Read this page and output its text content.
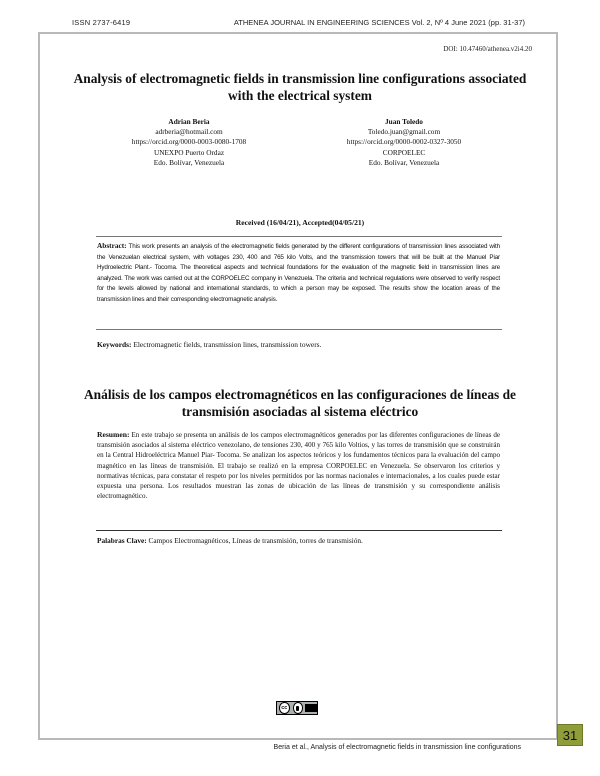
ISSN 2737-6419	ATHENEA JOURNAL IN ENGINEERING SCIENCES Vol. 2, Nº 4 June 2021 (pp. 31-37)
DOI: 10.47460/athenea.v2i4.20
Analysis of electromagnetic fields in transmission line configurations associated with the electrical system
Adrian Beria
adrberia@hotmail.com
https://orcid.org/0000-0003-0080-1708
UNEXPO Puerto Ordaz
Edo. Bolívar, Venezuela
Juan Toledo
Toledo.juan@gmail.com
https://orcid.org/0000-0002-0327-3050
CORPOELEC
Edo. Bolívar, Venezuela
Received (16/04/21), Accepted(04/05/21)
Abstract: This work presents an analysis of the electromagnetic fields generated by the different configurations of transmission lines associated with the Venezuelan electrical system, with voltages 230, 400 and 765 kilo Volts, and the transmission towers that will be built at the Manuel Piar Hydroelectric Plant.- Tocoma. The theoretical aspects and technical foundations for the evaluation of the magnetic field in transmission lines are analyzed. The work was carried out at the CORPOELEC company in Venezuela. The criteria and technical regulations were observed to verify respect for the levels allowed by national and international standards, to which a person may be exposed. The results show the location areas of the transmission lines and their corresponding electromagnetic analysis.
Keywords: Electromagnetic fields, transmission lines, transmission towers.
Análisis de los campos electromagnéticos en las configuraciones de líneas de transmisión asociadas al sistema eléctrico
Resumen: En este trabajo se presenta un análisis de los campos electromagnéticos generados por las diferentes configuraciones de líneas de transmisión asociados al sistema eléctrico venezolano, de tensiones 230, 400 y 765 kilo Voltios, y las torres de transmisión que se construirán en la Central Hidroeléctrica Manuel Piar- Tocoma. Se analizan los aspectos teóricos y los fundamentos técnicos para la evaluación del campo magnético en las líneas de transmisión. El trabajo se realizó en la empresa CORPOELEC en Venezuela. Se observaron los criterios y normativas técnicas, para constatar el respeto por los niveles permitidos por las normas nacionales e internacionales, a los cuales puede estar expuesta una persona. Los resultados muestran las zonas de ubicación de las líneas de transmisión y su correspondiente análisis electromagnético.
Palabras Clave: Campos Electromagnéticos, Líneas de transmisión, torres de transmisión.
cc
Beria et al., Analysis of electromagnetic fields in transmission line configurations
31
